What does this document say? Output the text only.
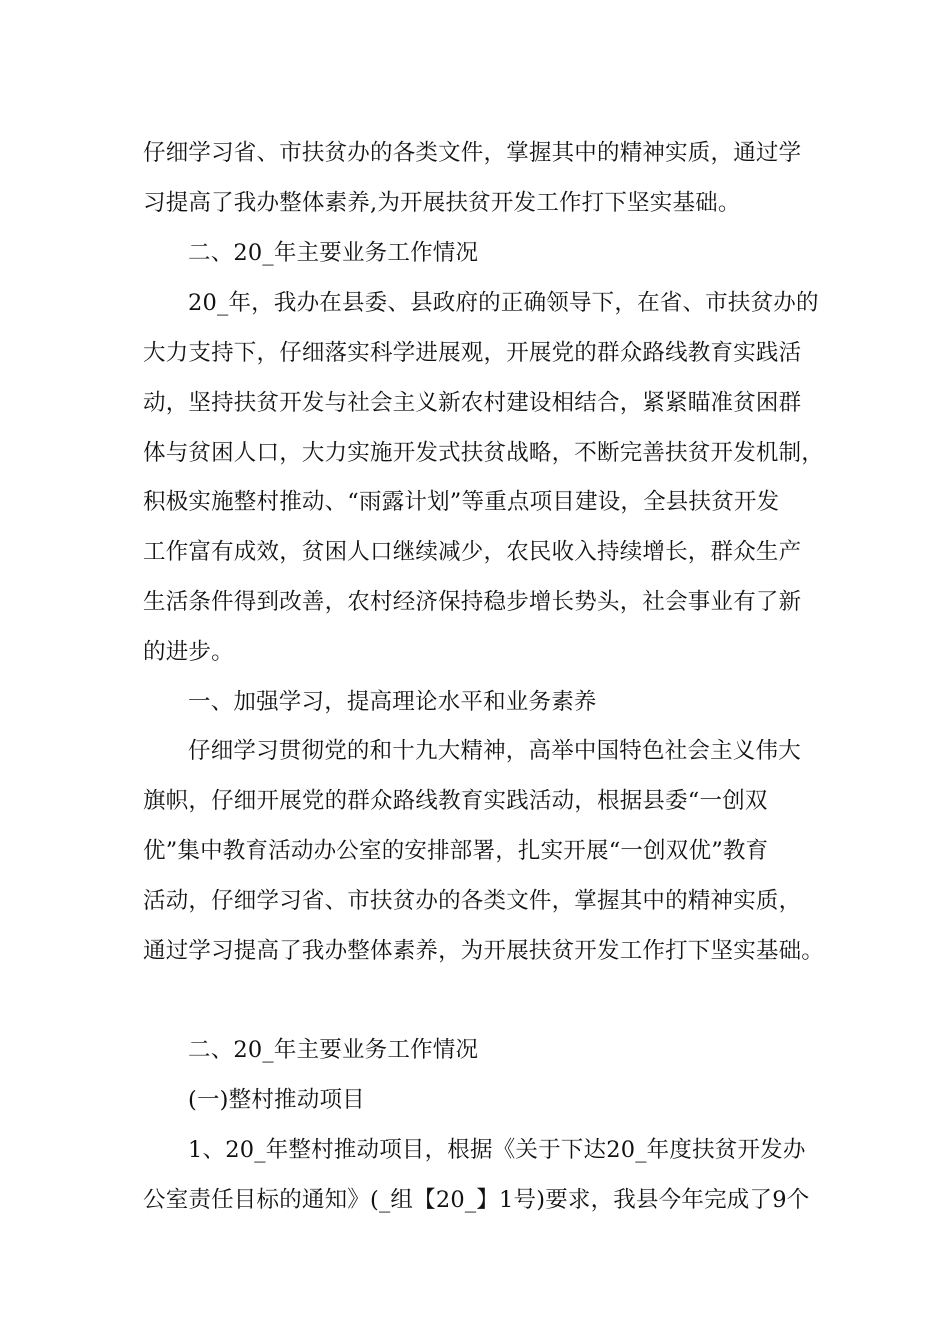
仔细学习省、市扶贫办的各类文件，掌握其中的精神实质，通过学
习提高了我办整体素养,为开展扶贫开发工作打下坚实基础。
二、20_年主要业务工作情况
20_年，我办在县委、县政府的正确领导下，在省、市扶贫办的
大力支持下，仔细落实科学进展观，开展党的群众路线教育实践活
动，坚持扶贫开发与社会主义新农村建设相结合，紧紧瞄准贫困群
体与贫困人口，大力实施开发式扶贫战略，不断完善扶贫开发机制，
积极实施整村推动、“雨露计划”等重点项目建设，全县扶贫开发
工作富有成效，贫困人口继续减少，农民收入持续增长，群众生产
生活条件得到改善，农村经济保持稳步增长势头，社会事业有了新
的进步。
一、加强学习，提高理论水平和业务素养
仔细学习贯彻党的和十九大精神，高举中国特色社会主义伟大
旗帜，仔细开展党的群众路线教育实践活动，根据县委“一创双
优”集中教育活动办公室的安排部署，扎实开展“一创双优”教育
活动，仔细学习省、市扶贫办的各类文件，掌握其中的精神实质，
通过学习提高了我办整体素养，为开展扶贫开发工作打下坚实基础。
二、20_年主要业务工作情况
(一)整村推动项目
1、20_年整村推动项目，根据《关于下达20_年度扶贫开发办
公室责任目标的通知》(_组【20_】1号)要求，我县今年完成了9个
